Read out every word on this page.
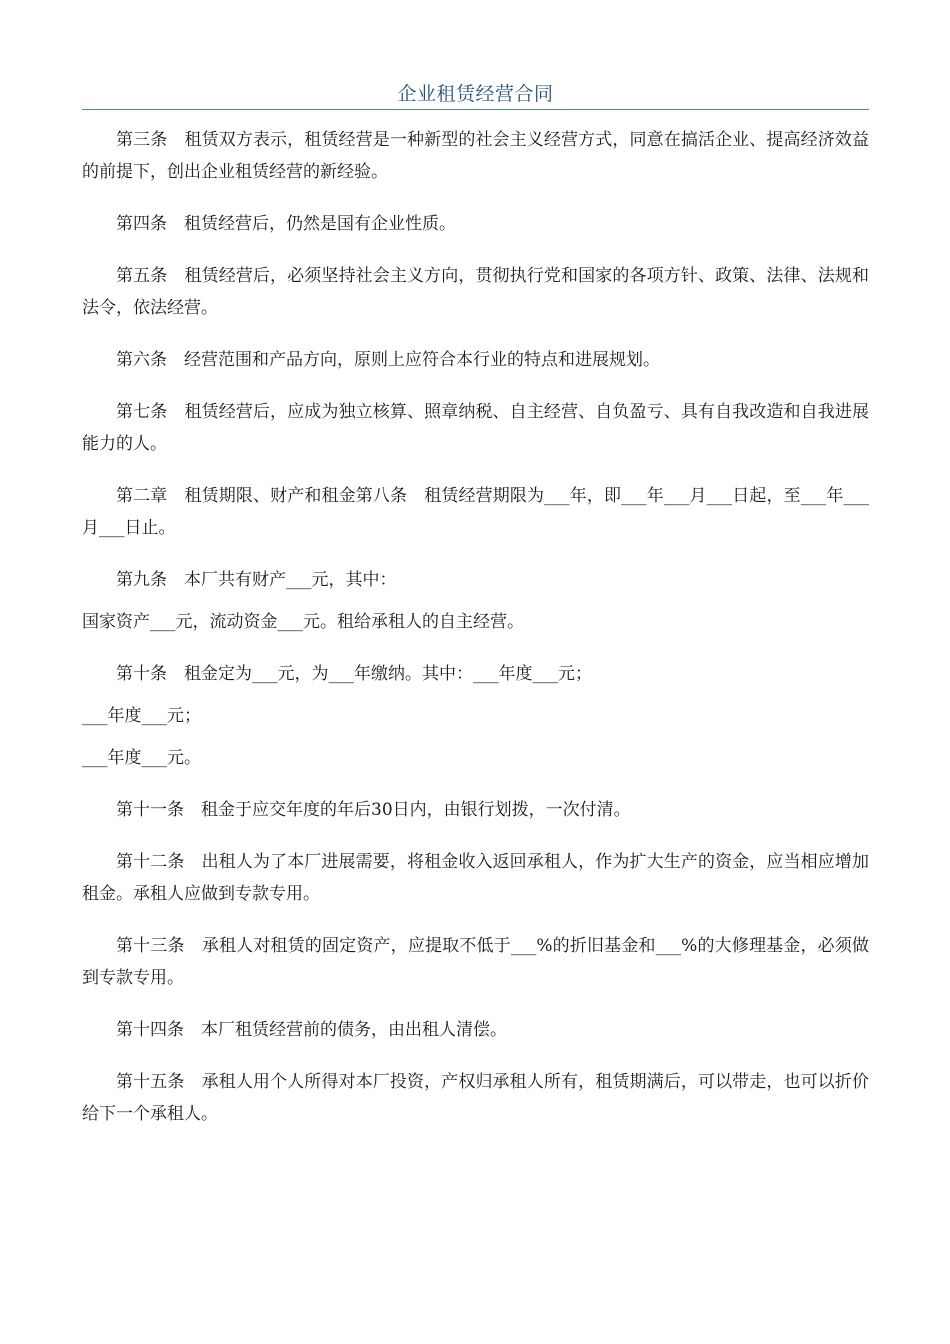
企业租赁经营合同

第三条　租赁双方表示，租赁经营是一种新型的社会主义经营方式，同意在搞活企业、提高经济效益的前提下，创出企业租赁经营的新经验。

第四条　租赁经营后，仍然是国有企业性质。

第五条　租赁经营后，必须坚持社会主义方向，贯彻执行党和国家的各项方针、政策、法律、法规和法令，依法经营。

第六条　经营范围和产品方向，原则上应符合本行业的特点和进展规划。

第七条　租赁经营后，应成为独立核算、照章纳税、自主经营、自负盈亏、具有自我改造和自我进展能力的人。

第二章　租赁期限、财产和租金第八条　租赁经营期限为___年，即___年___月___日起，至___年___月___日止。

第九条　本厂共有财产___元，其中：

国家资产___元，流动资金___元。租给承租人的自主经营。

第十条　租金定为___元，为___年缴纳。其中：___年度___元；

___年度___元；

___年度___元。

第十一条　租金于应交年度的年后30日内，由银行划拨，一次付清。

第十二条　出租人为了本厂进展需要，将租金收入返回承租人，作为扩大生产的资金，应当相应增加租金。承租人应做到专款专用。

第十三条　承租人对租赁的固定资产，应提取不低于___%的折旧基金和___%的大修理基金，必须做到专款专用。

第十四条　本厂租赁经营前的债务，由出租人清偿。

第十五条　承租人用个人所得对本厂投资，产权归承租人所有，租赁期满后，可以带走，也可以折价给下一个承租人。
